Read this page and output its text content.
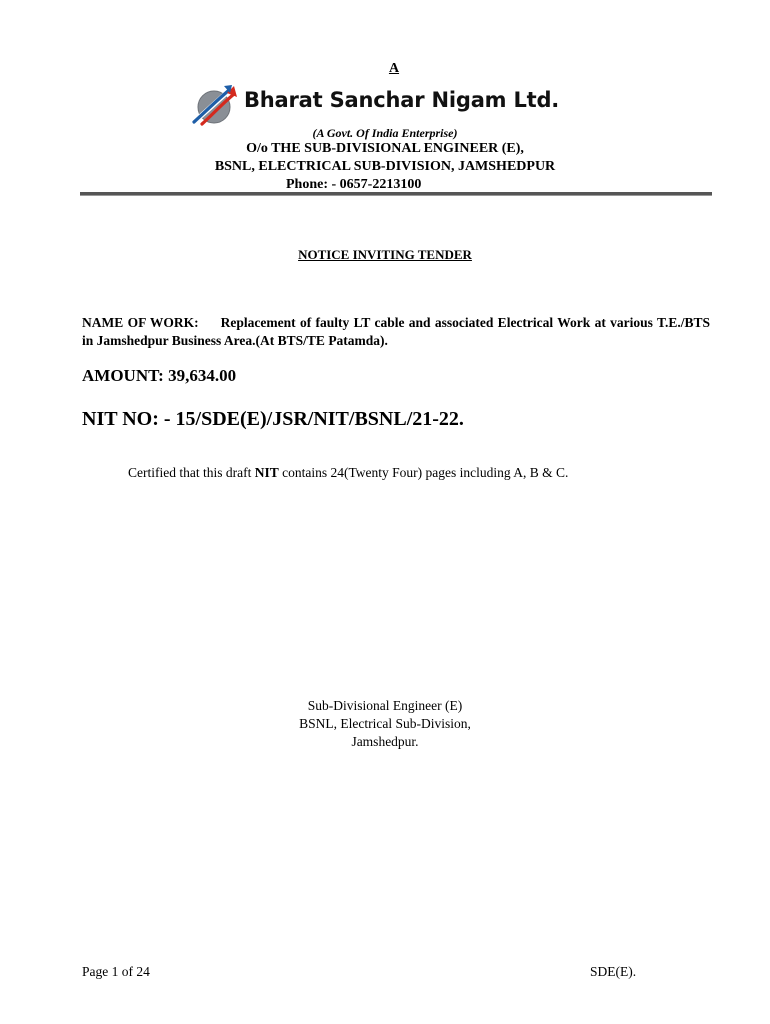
A
Bharat Sanchar Nigam Ltd.
(A Govt. Of India Enterprise)
O/o THE SUB-DIVISIONAL ENGINEER (E),
BSNL, ELECTRICAL SUB-DIVISION, JAMSHEDPUR
Phone: - 0657-2213100
NOTICE INVITING TENDER
NAME OF WORK: Replacement of faulty LT cable and associated Electrical Work at various T.E./BTS in Jamshedpur Business Area.(At BTS/TE Patamda).
AMOUNT: 39,634.00
NIT NO: - 15/SDE(E)/JSR/NIT/BSNL/21-22.
Certified that this draft NIT contains 24(Twenty Four) pages including A, B & C.
Sub-Divisional Engineer (E)
BSNL, Electrical Sub-Division,
Jamshedpur.
Page 1 of 24	SDE(E).
